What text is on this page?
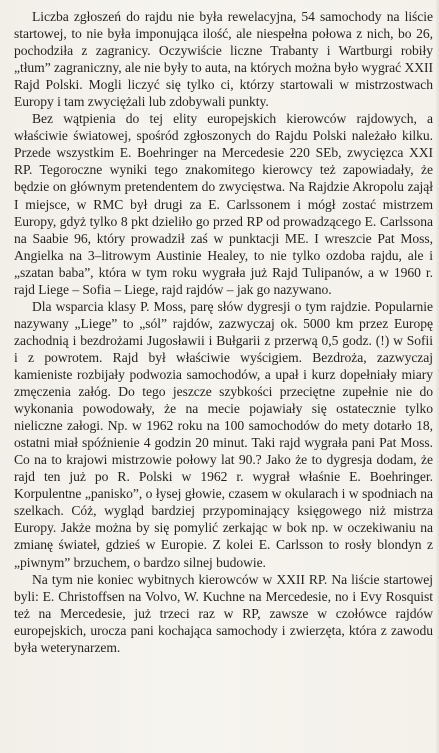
Liczba zgłoszeń do rajdu nie była rewelacyjna, 54 samochody na liście startowej, to nie była imponująca ilość, ale niespełna połowa z nich, bo 26, pochodziła z zagranicy. Oczywiście liczne Trabanty i Wartburgi robiły „tłum” zagraniczny, ale nie były to auta, na których można było wygrać XXII Rajd Polski. Mogli liczyć się tylko ci, którzy startowali w mistrzostwach Europy i tam zwyciężali lub zdobywali punkty.

Bez wątpienia do tej elity europejskich kierowców rajdowych, a właściwie światowej, spośród zgłoszonych do Rajdu Polski należało kilku. Przede wszystkim E. Boehringer na Mercedesie 220 SEb, zwycięzca XXI RP. Tegoroczne wyniki tego znakomitego kierowcy też zapowiadały, że będzie on głównym pretendentem do zwycięstwa. Na Rajdzie Akropolu zajął I miejsce, w RMC był drugi za E. Carlssonem i mógł zostać mistrzem Europy, gdyż tylko 8 pkt dzieliło go przed RP od prowadzącego E. Carlssona na Saabie 96, który prowadził zaś w punktacji ME. I wreszcie Pat Moss, Angielka na 3–litrowym Austinie Healey, to nie tylko ozdoba rajdu, ale i „szatan baba”, która w tym roku wygrała już Rajd Tulipanów, a w 1960 r. rajd Liege – Sofia – Liege, rajd rajdów – jak go nazywano.

Dla wsparcia klasy P. Moss, parę słów dygresji o tym rajdzie. Popularnie nazywany „Liege” to „sól” rajdów, zazwyczaj ok. 5000 km przez Europę zachodnią i bezdrożami Jugosławii i Bułgarii z przerwą 0,5 godz. (!) w Sofii i z powrotem. Rajd był właściwie wyścigiem. Bezdroża, zazwyczaj kamieniste rozbijały podwozia samochodów, a upał i kurz dopełniały miary zmęczenia załóg. Do tego jeszcze szybkości przeciętne zupełnie nie do wykonania powodowały, że na mecie pojawiały się ostatecznie tylko nieliczne załogi. Np. w 1962 roku na 100 samochodów do mety dotarło 18, ostatni miał spóźnienie 4 godzin 20 minut. Taki rajd wygrała pani Pat Moss. Co na to krajowi mistrzowie połowy lat 90.? Jako że to dygresja dodam, że rajd ten już po R. Polski w 1962 r. wygrał właśnie E. Boehringer. Korpulentne „panisko”, o łysej głowie, czasem w okularach i w spodniach na szelkach. Cóż, wygląd bardziej przypominający księgowego niż mistrza Europy. Jakże można by się pomylić zerkając w bok np. w oczekiwaniu na zmianę świateł, gdzieś w Europie. Z kolei E. Carlsson to rosły blondyn z „piwnym” brzuchem, o bardzo silnej budowie.

Na tym nie koniec wybitnych kierowców w XXII RP. Na liście startowej byli: E. Christoffsen na Volvo, W. Kuchne na Mercedesie, no i Evy Rosquist też na Mercedesie, już trzeci raz w RP, zawsze w czołówce rajdów europejskich, urocza pani kochająca samochody i zwierzęta, która z zawodu była weterynarzem.
